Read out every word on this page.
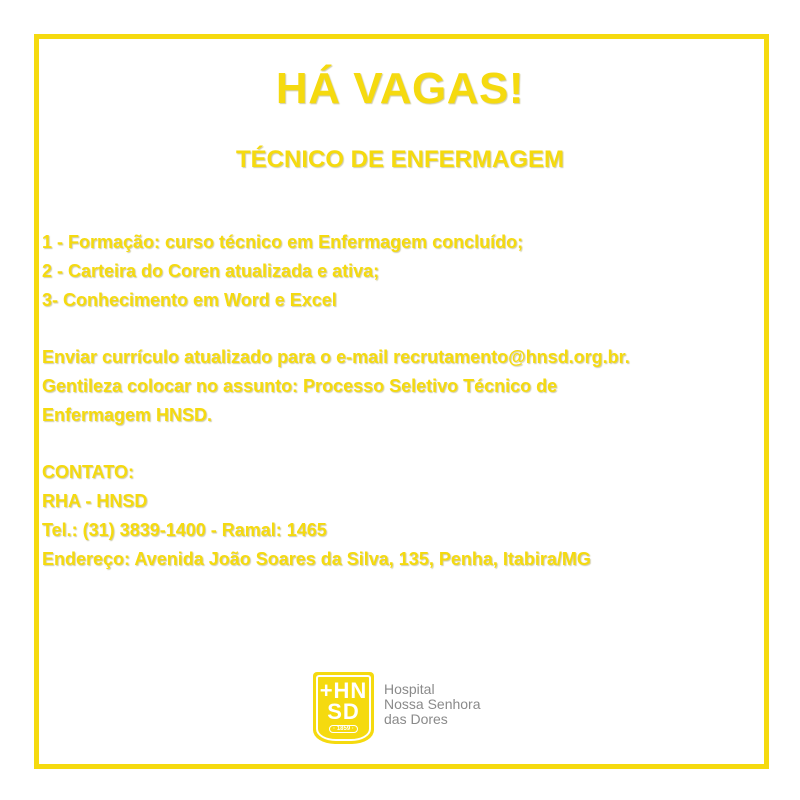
HÁ VAGAS!
TÉCNICO DE ENFERMAGEM
1 - Formação: curso técnico em Enfermagem concluído;
2 - Carteira do Coren atualizada e ativa;
3- Conhecimento em Word e Excel
Enviar currículo atualizado para o e-mail recrutamento@hnsd.org.br.
Gentileza colocar no assunto: Processo Seletivo Técnico de
Enfermagem HNSD.
CONTATO:
RHA - HNSD
Tel.: (31) 3839-1400 - Ramal: 1465
Endereço: Avenida João Soares da Silva, 135, Penha, Itabira/MG
+HN
SD
· 1859 ·
Hospital
Nossa Senhora
das Dores
